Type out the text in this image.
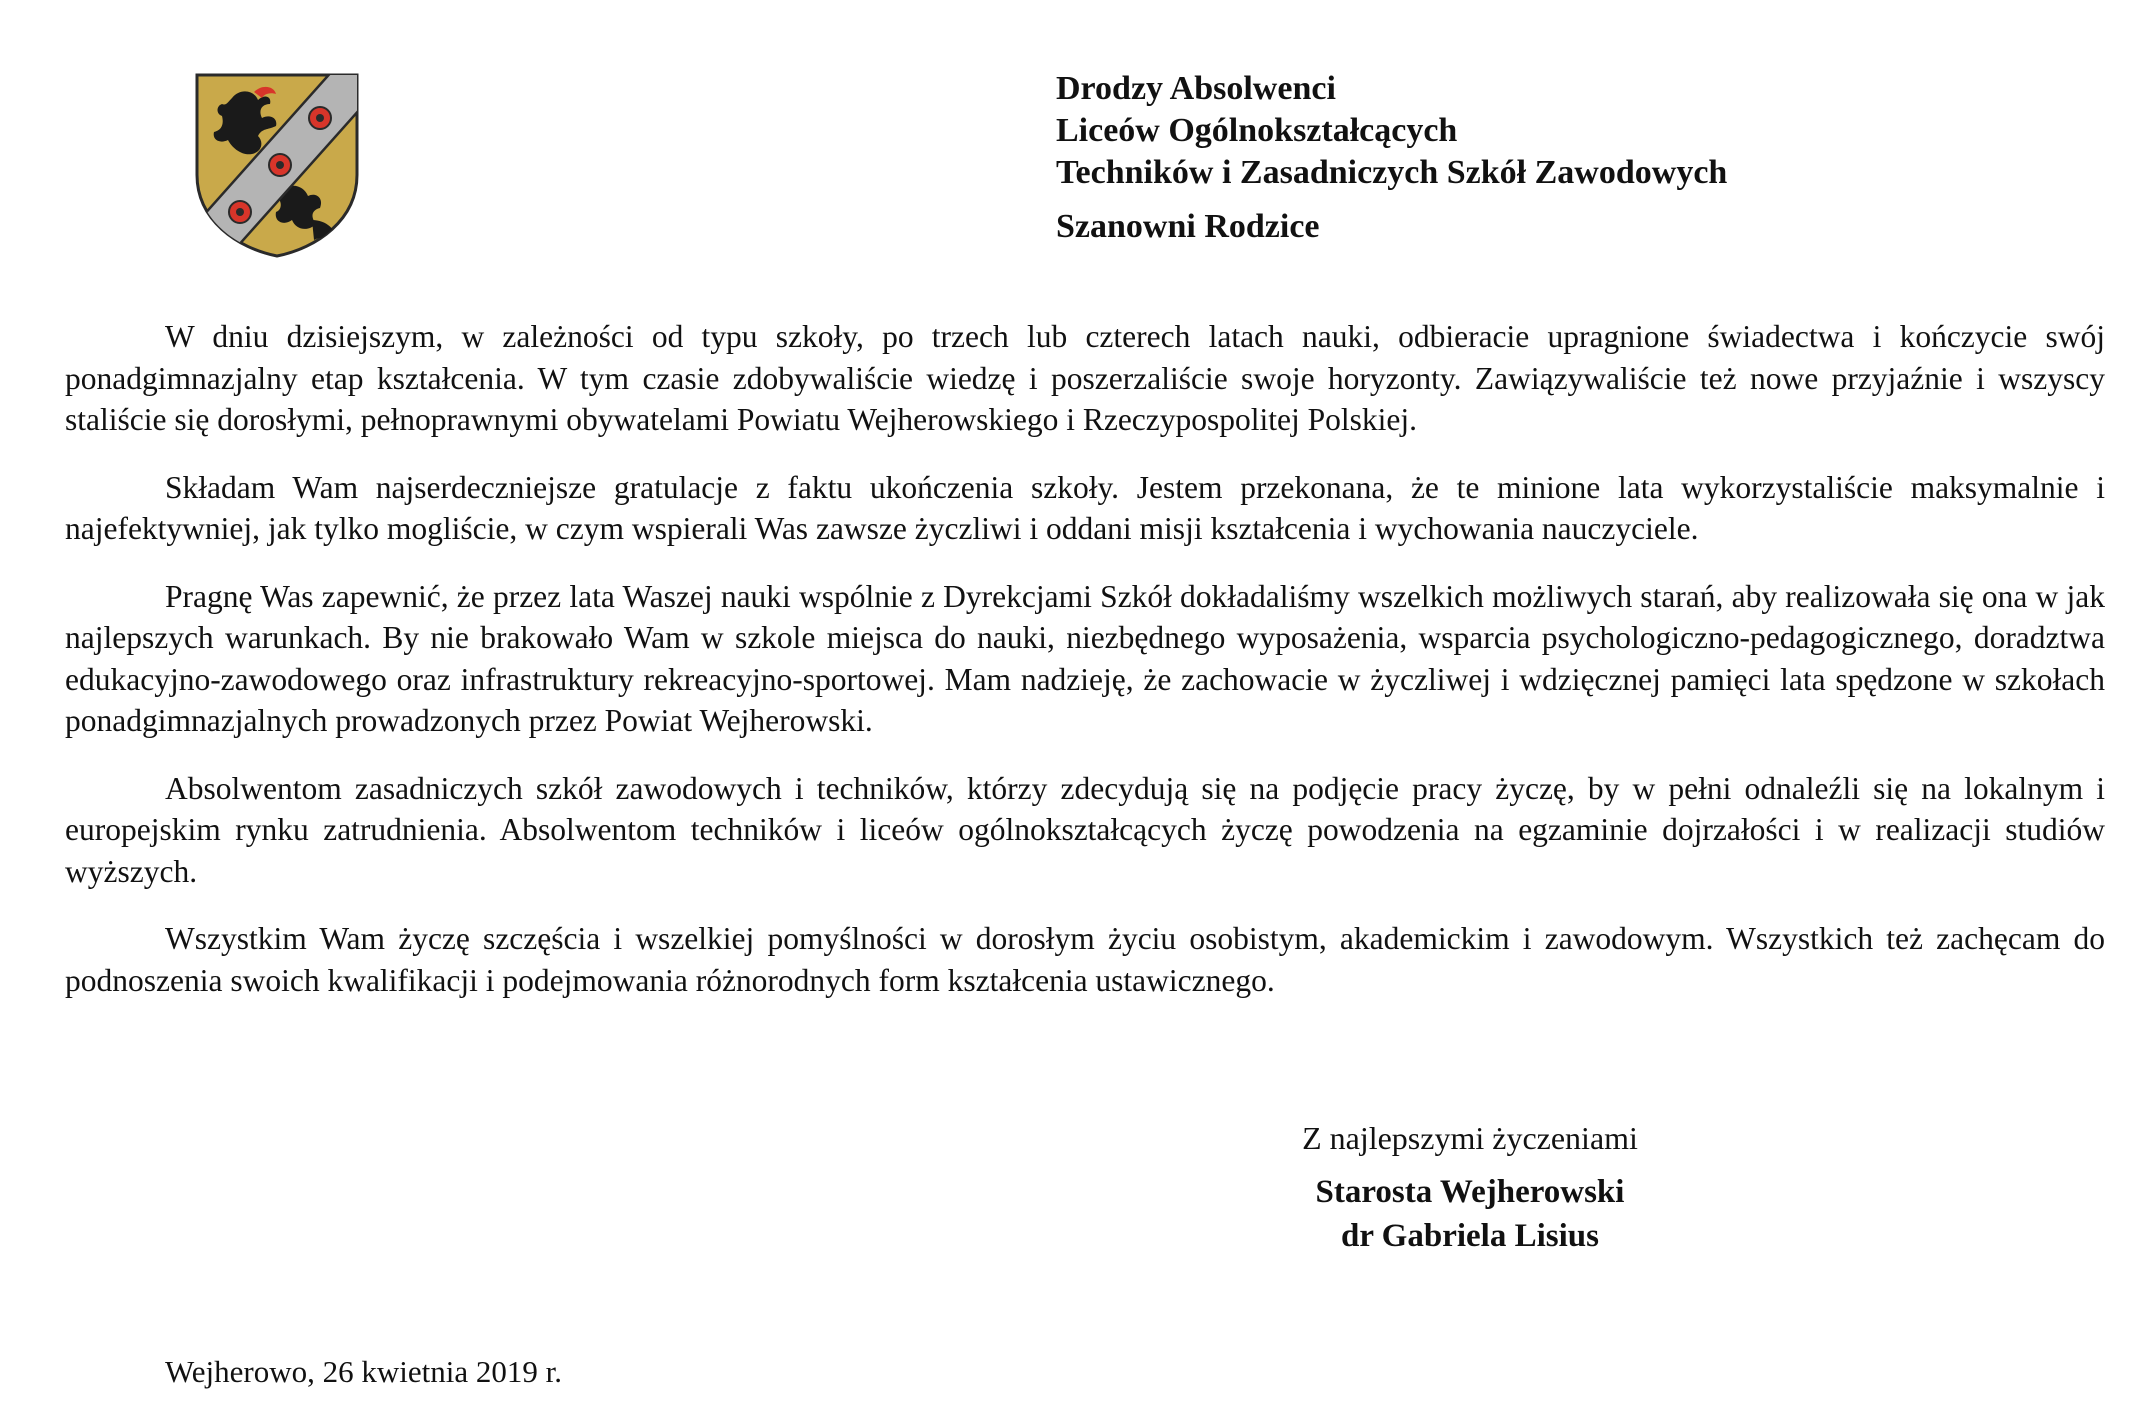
Drodzy Absolwenci
Liceów Ogólnokształcących
Techników i Zasadniczych Szkół Zawodowych
Szanowni Rodzice

W dniu dzisiejszym, w zależności od typu szkoły, po trzech lub czterech latach nauki, odbieracie upragnione świadectwa i kończycie swój ponadgimnazjalny etap kształcenia. W tym czasie zdobywaliście wiedzę i poszerzaliście swoje horyzonty. Zawiązywaliście też nowe przyjaźnie i wszyscy staliście się dorosłymi, pełnoprawnymi obywatelami Powiatu Wejherowskiego i Rzeczypospolitej Polskiej.

Składam Wam najserdeczniejsze gratulacje z faktu ukończenia szkoły. Jestem przekonana, że te minione lata wykorzystaliście maksymalnie i najefektywniej, jak tylko mogliście, w czym wspierali Was zawsze życzliwi i oddani misji kształcenia i wychowania nauczyciele.

Pragnę Was zapewnić, że przez lata Waszej nauki wspólnie z Dyrekcjami Szkół dokładaliśmy wszelkich możliwych starań, aby realizowała się ona w jak najlepszych warunkach. By nie brakowało Wam w szkole miejsca do nauki, niezbędnego wyposażenia, wsparcia psychologiczno-pedagogicznego, doradztwa edukacyjno-zawodowego oraz infrastruktury rekreacyjno-sportowej. Mam nadzieję, że zachowacie w życzliwej i wdzięcznej pamięci lata spędzone w szkołach ponadgimnazjalnych prowadzonych przez Powiat Wejherowski.

Absolwentom zasadniczych szkół zawodowych i techników, którzy zdecydują się na podjęcie pracy życzę, by w pełni odnaleźli się na lokalnym i europejskim rynku zatrudnienia. Absolwentom techników i liceów ogólnokształcących życzę powodzenia na egzaminie dojrzałości i w realizacji studiów wyższych.

Wszystkim Wam życzę szczęścia i wszelkiej pomyślności w dorosłym życiu osobistym, akademickim i zawodowym. Wszystkich też zachęcam do podnoszenia swoich kwalifikacji i podejmowania różnorodnych form kształcenia ustawicznego.

Z najlepszymi życzeniami
Starosta Wejherowski
dr Gabriela Lisius
Wejherowo, 26 kwietnia 2019 r.
